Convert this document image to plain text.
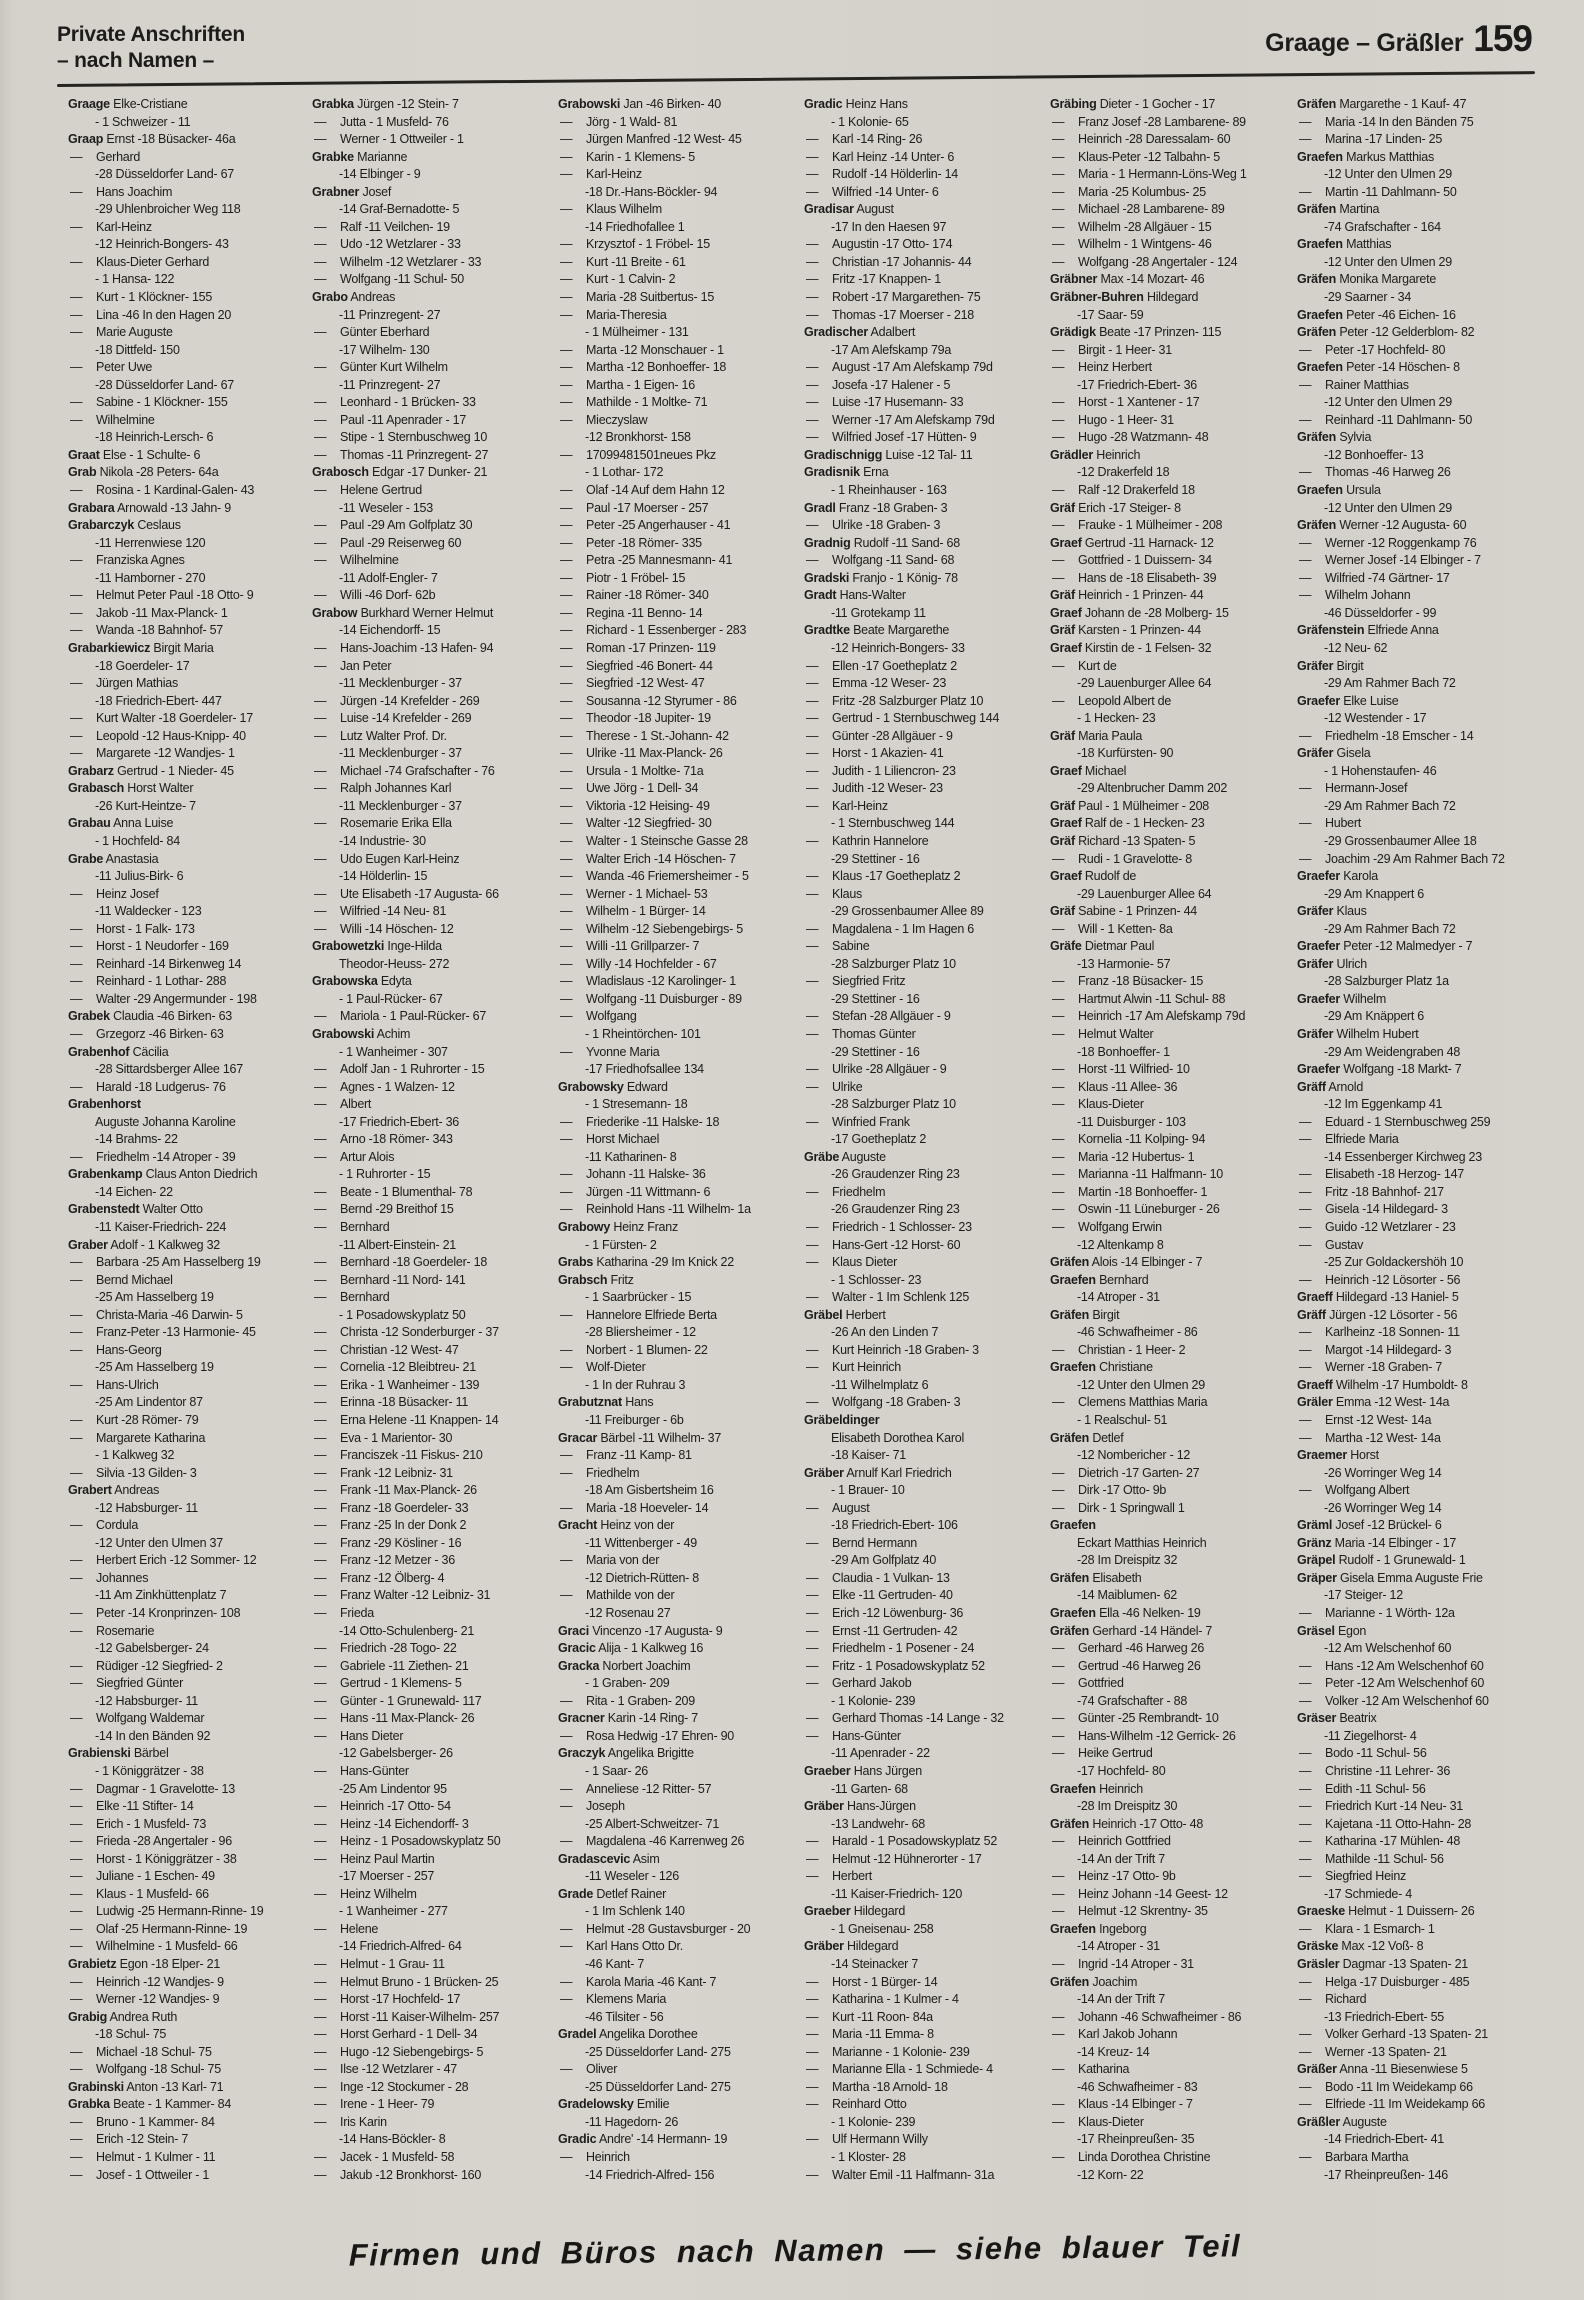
Private Anschriften
– nach Namen –
Graage – Gräßler 159
Graage Elke-Cristiane
- 1 Schweizer - 11
Graap Ernst -18 Büsacker- 46a
— Gerhard
-28 Düsseldorfer Land- 67
— Hans Joachim
-29 Uhlenbroicher Weg 118
— Karl-Heinz
-12 Heinrich-Bongers- 43
— Klaus-Dieter Gerhard
- 1 Hansa- 122
— Kurt - 1 Klöckner- 155
— Lina -46 In den Hagen 20
— Marie Auguste
-18 Dittfeld- 150
— Peter Uwe
-28 Düsseldorfer Land- 67
— Sabine - 1 Klöckner- 155
— Wilhelmine
-18 Heinrich-Lersch- 6
Graat Else - 1 Schulte- 6
Grab Nikola -28 Peters- 64a
— Rosina - 1 Kardinal-Galen- 43
Grabara Arnowald -13 Jahn- 9
Grabarczyk Ceslaus
-11 Herrenwiese 120
— Franziska Agnes
-11 Hamborner - 270
— Helmut Peter Paul -18 Otto- 9
— Jakob -11 Max-Planck- 1
— Wanda -18 Bahnhof- 57
Grabarkiewicz Birgit Maria
-18 Goerdeler- 17
— Jürgen Mathias
-18 Friedrich-Ebert- 447
— Kurt Walter -18 Goerdeler- 17
— Leopold -12 Haus-Knipp- 40
— Margarete -12 Wandjes- 1
Grabarz Gertrud - 1 Nieder- 45
Grabasch Horst Walter
-26 Kurt-Heintze- 7
Grabau Anna Luise
- 1 Hochfeld- 84
Grabe Anastasia
-11 Julius-Birk- 6
— Heinz Josef
-11 Waldecker - 123
— Horst - 1 Falk- 173
— Horst - 1 Neudorfer - 169
— Reinhard -14 Birkenweg 14
— Reinhard - 1 Lothar- 288
— Walter -29 Angermunder - 198
Grabek Claudia -46 Birken- 63
— Grzegorz -46 Birken- 63
Grabenhof Cäcilia
-28 Sittardsberger Allee 167
— Harald -18 Ludgerus- 76
Grabenhorst
Auguste Johanna Karoline
-14 Brahms- 22
— Friedhelm -14 Atroper - 39
Grabenkamp Claus Anton Diedrich
-14 Eichen- 22
Grabenstedt Walter Otto
-11 Kaiser-Friedrich- 224
Graber Adolf - 1 Kalkweg 32
— Barbara -25 Am Hasselberg 19
— Bernd Michael
-25 Am Hasselberg 19
— Christa-Maria -46 Darwin- 5
— Franz-Peter -13 Harmonie- 45
— Hans-Georg
-25 Am Hasselberg 19
— Hans-Ulrich
-25 Am Lindentor 87
— Kurt -28 Römer- 79
— Margarete Katharina
- 1 Kalkweg 32
— Silvia -13 Gilden- 3
Grabert Andreas
-12 Habsburger- 11
— Cordula
-12 Unter den Ulmen 37
— Herbert Erich -12 Sommer- 12
— Johannes
-11 Am Zinkhüttenplatz 7
— Peter -14 Kronprinzen- 108
— Rosemarie
-12 Gabelsberger- 24
— Rüdiger -12 Siegfried- 2
— Siegfried Günter
-12 Habsburger- 11
— Wolfgang Waldemar
-14 In den Bänden 92
Grabienski Bärbel
- 1 Königgrätzer - 38
— Dagmar - 1 Gravelotte- 13
— Elke -11 Stifter- 14
— Erich - 1 Musfeld- 73
— Frieda -28 Angertaler - 96
— Horst - 1 Königgrätzer - 38
— Juliane - 1 Eschen- 49
— Klaus - 1 Musfeld- 66
— Ludwig -25 Hermann-Rinne- 19
— Olaf -25 Hermann-Rinne- 19
— Wilhelmine - 1 Musfeld- 66
Grabietz Egon -18 Elper- 21
— Heinrich -12 Wandjes- 9
— Werner -12 Wandjes- 9
Grabig Andrea Ruth
-18 Schul- 75
— Michael -18 Schul- 75
— Wolfgang -18 Schul- 75
Grabinski Anton -13 Karl- 71
Grabka Beate - 1 Kammer- 84
— Bruno - 1 Kammer- 84
— Erich -12 Stein- 7
— Helmut - 1 Kulmer - 11
— Josef - 1 Ottweiler - 1
Grabka Jürgen -12 Stein- 7
— Jutta - 1 Musfeld- 76
— Werner - 1 Ottweiler - 1
Grabke Marianne
-14 Elbinger - 9
Grabner Josef
-14 Graf-Bernadotte- 5
— Ralf -11 Veilchen- 19
— Udo -12 Wetzlarer - 33
— Wilhelm -12 Wetzlarer - 33
— Wolfgang -11 Schul- 50
Grabo Andreas
-11 Prinzregent- 27
— Günter Eberhard
-17 Wilhelm- 130
— Günter Kurt Wilhelm
-11 Prinzregent- 27
— Leonhard - 1 Brücken- 33
— Paul -11 Apenrader - 17
— Stipe - 1 Sternbuschweg 10
— Thomas -11 Prinzregent- 27
Grabosch Edgar -17 Dunker- 21
— Helene Gertrud
-11 Weseler - 153
— Paul -29 Am Golfplatz 30
— Paul -29 Reiserweg 60
— Wilhelmine
-11 Adolf-Engler- 7
— Willi -46 Dorf- 62b
Grabow Burkhard Werner Helmut
-14 Eichendorff- 15
— Hans-Joachim -13 Hafen- 94
— Jan Peter
-11 Mecklenburger - 37
— Jürgen -14 Krefelder - 269
— Luise -14 Krefelder - 269
— Lutz Walter Prof. Dr.
-11 Mecklenburger - 37
— Michael -74 Grafschafter - 76
— Ralph Johannes Karl
-11 Mecklenburger - 37
— Rosemarie Erika Ella
-14 Industrie- 30
— Udo Eugen Karl-Heinz
-14 Hölderlin- 15
— Ute Elisabeth -17 Augusta- 66
— Wilfried -14 Neu- 81
— Willi -14 Höschen- 12
Grabowetzki Inge-Hilda
Theodor-Heuss- 272
Grabowska Edyta
- 1 Paul-Rücker- 67
— Mariola - 1 Paul-Rücker- 67
Grabowski Achim
- 1 Wanheimer - 307
— Adolf Jan - 1 Ruhrorter - 15
— Agnes - 1 Walzen- 12
— Albert
-17 Friedrich-Ebert- 36
— Arno -18 Römer- 343
— Artur Alois
- 1 Ruhrorter - 15
— Beate - 1 Blumenthal- 78
— Bernd -29 Breithof 15
— Bernhard
-11 Albert-Einstein- 21
— Bernhard -18 Goerdeler- 18
— Bernhard -11 Nord- 141
— Bernhard
- 1 Posadowskyplatz 50
— Christa -12 Sonderburger - 37
— Christian -12 West- 47
— Cornelia -12 Bleibtreu- 21
— Erika - 1 Wanheimer - 139
— Erinna -18 Büsacker- 11
— Erna Helene -11 Knappen- 14
— Eva - 1 Marientor- 30
— Franciszek -11 Fiskus- 210
— Frank -12 Leibniz- 31
— Frank -11 Max-Planck- 26
— Franz -18 Goerdeler- 33
— Franz -25 In der Donk 2
— Franz -29 Kösliner - 16
— Franz -12 Metzer - 36
— Franz -12 Ölberg- 4
— Franz Walter -12 Leibniz- 31
— Frieda
-14 Otto-Schulenberg- 21
— Friedrich -28 Togo- 22
— Gabriele -11 Ziethen- 21
— Gertrud - 1 Klemens- 5
— Günter - 1 Grunewald- 117
— Hans -11 Max-Planck- 26
— Hans Dieter
-12 Gabelsberger- 26
— Hans-Günter
-25 Am Lindentor 95
— Heinrich -17 Otto- 54
— Heinz -14 Eichendorff- 3
— Heinz - 1 Posadowskyplatz 50
— Heinz Paul Martin
-17 Moerser - 257
— Heinz Wilhelm
- 1 Wanheimer - 277
— Helene
-14 Friedrich-Alfred- 64
— Helmut - 1 Grau- 11
— Helmut Bruno - 1 Brücken- 25
— Horst -17 Hochfeld- 17
— Horst -11 Kaiser-Wilhelm- 257
— Horst Gerhard - 1 Dell- 34
— Hugo -12 Siebengebirgs- 5
— Ilse -12 Wetzlarer - 47
— Inge -12 Stockumer - 28
— Irene - 1 Heer- 79
— Iris Karin
-14 Hans-Böckler- 8
— Jacek - 1 Musfeld- 58
— Jakub -12 Bronkhorst- 160
Grabowski Jan -46 Birken- 40
— Jörg - 1 Wald- 81
— Jürgen Manfred -12 West- 45
— Karin - 1 Klemens- 5
— Karl-Heinz
-18 Dr.-Hans-Böckler- 94
— Klaus Wilhelm
-14 Friedhofallee 1
— Krzysztof - 1 Fröbel- 15
— Kurt -11 Breite - 61
— Kurt - 1 Calvin- 2
— Maria -28 Suitbertus- 15
— Maria-Theresia
- 1 Mülheimer - 131
— Marta -12 Monschauer - 1
— Martha -12 Bonhoeffer- 18
— Martha - 1 Eigen- 16
— Mathilde - 1 Moltke- 71
— Mieczyslaw
-12 Bronkhorst- 158
— 17099481501neues Pkz
- 1 Lothar- 172
— Olaf -14 Auf dem Hahn 12
— Paul -17 Moerser - 257
— Peter -25 Angerhauser - 41
— Peter -18 Römer- 335
— Petra -25 Mannesmann- 41
— Piotr - 1 Fröbel- 15
— Rainer -18 Römer- 340
— Regina -11 Benno- 14
— Richard - 1 Essenberger - 283
— Roman -17 Prinzen- 119
— Siegfried -46 Bonert- 44
— Siegfried -12 West- 47
— Sousanna -12 Styrumer - 86
— Theodor -18 Jupiter- 19
— Therese - 1 St.-Johann- 42
— Ulrike -11 Max-Planck- 26
— Ursula - 1 Moltke- 71a
— Uwe Jörg - 1 Dell- 34
— Viktoria -12 Heising- 49
— Walter -12 Siegfried- 30
— Walter - 1 Steinsche Gasse 28
— Walter Erich -14 Höschen- 7
— Wanda -46 Friemersheimer - 5
— Werner - 1 Michael- 53
— Wilhelm - 1 Bürger- 14
— Wilhelm -12 Siebengebirgs- 5
— Willi -11 Grillparzer- 7
— Willy -14 Hochfelder - 67
— Wladislaus -12 Karolinger- 1
— Wolfgang -11 Duisburger - 89
— Wolfgang
- 1 Rheintörchen- 101
— Yvonne Maria
-17 Friedhofsallee 134
Grabowsky Edward
- 1 Stresemann- 18
— Friederike -11 Halske- 18
— Horst Michael
-11 Katharinen- 8
— Johann -11 Halske- 36
— Jürgen -11 Wittmann- 6
— Reinhold Hans -11 Wilhelm- 1a
Grabowy Heinz Franz
- 1 Fürsten- 2
Grabs Katharina -29 Im Knick 22
Grabsch Fritz
- 1 Saarbrücker - 15
— Hannelore Elfriede Berta
-28 Bliersheimer - 12
— Norbert - 1 Blumen- 22
— Wolf-Dieter
- 1 In der Ruhrau 3
Grabutznat Hans
-11 Freiburger - 6b
Gracar Bärbel -11 Wilhelm- 37
— Franz -11 Kamp- 81
— Friedhelm
-18 Am Gisbertsheim 16
— Maria -18 Hoeveler- 14
Gracht Heinz von der
-11 Wittenberger - 49
— Maria von der
-12 Dietrich-Rütten- 8
— Mathilde von der
-12 Rosenau 27
Graci Vincenzo -17 Augusta- 9
Gracic Alija - 1 Kalkweg 16
Gracka Norbert Joachim
- 1 Graben- 209
— Rita - 1 Graben- 209
Gracner Karin -14 Ring- 7
— Rosa Hedwig -17 Ehren- 90
Graczyk Angelika Brigitte
- 1 Saar- 26
— Anneliese -12 Ritter- 57
— Joseph
-25 Albert-Schweitzer- 71
— Magdalena -46 Karrenweg 26
Gradascevic Asim
-11 Weseler - 126
Grade Detlef Rainer
- 1 Im Schlenk 140
— Helmut -28 Gustavsburger - 20
— Karl Hans Otto Dr.
-46 Kant- 7
— Karola Maria -46 Kant- 7
— Klemens Maria
-46 Tilsiter - 56
Gradel Angelika Dorothee
-25 Düsseldorfer Land- 275
— Oliver
-25 Düsseldorfer Land- 275
Gradelowsky Emilie
-11 Hagedorn- 26
Gradic Andre' -14 Hermann- 19
— Heinrich
-14 Friedrich-Alfred- 156
Gradic Heinz Hans
- 1 Kolonie- 65
— Karl -14 Ring- 26
— Karl Heinz -14 Unter- 6
— Rudolf -14 Hölderlin- 14
— Wilfried -14 Unter- 6
Gradisar August
-17 In den Haesen 97
— Augustin -17 Otto- 174
— Christian -17 Johannis- 44
— Fritz -17 Knappen- 1
— Robert -17 Margarethen- 75
— Thomas -17 Moerser - 218
Gradischer Adalbert
-17 Am Alefskamp 79a
— August -17 Am Alefskamp 79d
— Josefa -17 Halener - 5
— Luise -17 Husemann- 33
— Werner -17 Am Alefskamp 79d
— Wilfried Josef -17 Hütten- 9
Gradischnigg Luise -12 Tal- 11
Gradisnik Erna
- 1 Rheinhauser - 163
Gradl Franz -18 Graben- 3
— Ulrike -18 Graben- 3
Gradnig Rudolf -11 Sand- 68
— Wolfgang -11 Sand- 68
Gradski Franjo - 1 König- 78
Gradt Hans-Walter
-11 Grotekamp 11
Gradtke Beate Margarethe
-12 Heinrich-Bongers- 33
— Ellen -17 Goetheplatz 2
— Emma -12 Weser- 23
— Fritz -28 Salzburger Platz 10
— Gertrud - 1 Sternbuschweg 144
— Günter -28 Allgäuer - 9
— Horst - 1 Akazien- 41
— Judith - 1 Liliencron- 23
— Judith -12 Weser- 23
— Karl-Heinz
- 1 Sternbuschweg 144
— Kathrin Hannelore
-29 Stettiner - 16
— Klaus -17 Goetheplatz 2
— Klaus
-29 Grossenbaumer Allee 89
— Magdalena - 1 Im Hagen 6
— Sabine
-28 Salzburger Platz 10
— Siegfried Fritz
-29 Stettiner - 16
— Stefan -28 Allgäuer - 9
— Thomas Günter
-29 Stettiner - 16
— Ulrike -28 Allgäuer - 9
— Ulrike
-28 Salzburger Platz 10
— Winfried Frank
-17 Goetheplatz 2
Gräbe Auguste
-26 Graudenzer Ring 23
— Friedhelm
-26 Graudenzer Ring 23
— Friedrich - 1 Schlosser- 23
— Hans-Gert -12 Horst- 60
— Klaus Dieter
- 1 Schlosser- 23
— Walter - 1 Im Schlenk 125
Gräbel Herbert
-26 An den Linden 7
— Kurt Heinrich -18 Graben- 3
— Kurt Heinrich
-11 Wilhelmplatz 6
— Wolfgang -18 Graben- 3
Gräbeldinger
Elisabeth Dorothea Karol
-18 Kaiser- 71
Gräber Arnulf Karl Friedrich
- 1 Brauer- 10
— August
-18 Friedrich-Ebert- 106
— Bernd Hermann
-29 Am Golfplatz 40
— Claudia - 1 Vulkan- 13
— Elke -11 Gertruden- 40
— Erich -12 Löwenburg- 36
— Ernst -11 Gertruden- 42
— Friedhelm - 1 Posener - 24
— Fritz - 1 Posadowskyplatz 52
— Gerhard Jakob
- 1 Kolonie- 239
— Gerhard Thomas -14 Lange - 32
— Hans-Günter
-11 Apenrader - 22
Graeber Hans Jürgen
-11 Garten- 68
Gräber Hans-Jürgen
-13 Landwehr- 68
— Harald - 1 Posadowskyplatz 52
— Helmut -12 Hühnerorter - 17
— Herbert
-11 Kaiser-Friedrich- 120
Graeber Hildegard
- 1 Gneisenau- 258
Gräber Hildegard
-14 Steinacker 7
— Horst - 1 Bürger- 14
— Katharina - 1 Kulmer - 4
— Kurt -11 Roon- 84a
— Maria -11 Emma- 8
— Marianne - 1 Kolonie- 239
— Marianne Ella - 1 Schmiede- 4
— Martha -18 Arnold- 18
— Reinhard Otto
- 1 Kolonie- 239
— Ulf Hermann Willy
- 1 Kloster- 28
— Walter Emil -11 Halfmann- 31a
Gräbing Dieter - 1 Gocher - 17
— Franz Josef -28 Lambarene- 89
— Heinrich -28 Daressalam- 60
— Klaus-Peter -12 Talbahn- 5
— Maria - 1 Hermann-Löns-Weg 1
— Maria -25 Kolumbus- 25
— Michael -28 Lambarene- 89
— Wilhelm -28 Allgäuer - 15
— Wilhelm - 1 Wintgens- 46
— Wolfgang -28 Angertaler - 124
Gräbner Max -14 Mozart- 46
Gräbner-Buhren Hildegard
-17 Saar- 59
Grädigk Beate -17 Prinzen- 115
— Birgit - 1 Heer- 31
— Heinz Herbert
-17 Friedrich-Ebert- 36
— Horst - 1 Xantener - 17
— Hugo - 1 Heer- 31
— Hugo -28 Watzmann- 48
Grädler Heinrich
-12 Drakerfeld 18
— Ralf -12 Drakerfeld 18
Gräf Erich -17 Steiger- 8
— Frauke - 1 Mülheimer - 208
Graef Gertrud -11 Harnack- 12
— Gottfried - 1 Duissern- 34
— Hans de -18 Elisabeth- 39
Gräf Heinrich - 1 Prinzen- 44
Graef Johann de -28 Molberg- 15
Gräf Karsten - 1 Prinzen- 44
Graef Kirstin de - 1 Felsen- 32
— Kurt de
-29 Lauenburger Allee 64
— Leopold Albert de
- 1 Hecken- 23
Gräf Maria Paula
-18 Kurfürsten- 90
Graef Michael
-29 Altenbrucher Damm 202
Gräf Paul - 1 Mülheimer - 208
Graef Ralf de - 1 Hecken- 23
Gräf Richard -13 Spaten- 5
— Rudi - 1 Gravelotte- 8
Graef Rudolf de
-29 Lauenburger Allee 64
Gräf Sabine - 1 Prinzen- 44
— Will - 1 Ketten- 8a
Gräfe Dietmar Paul
-13 Harmonie- 57
— Franz -18 Büsacker- 15
— Hartmut Alwin -11 Schul- 88
— Heinrich -17 Am Alefskamp 79d
— Helmut Walter
-18 Bonhoeffer- 1
— Horst -11 Wilfried- 10
— Klaus -11 Allee- 36
— Klaus-Dieter
-11 Duisburger - 103
— Kornelia -11 Kolping- 94
— Maria -12 Hubertus- 1
— Marianna -11 Halfmann- 10
— Martin -18 Bonhoeffer- 1
— Oswin -11 Lüneburger - 26
— Wolfgang Erwin
-12 Altenkamp 8
Gräfen Alois -14 Elbinger - 7
Graefen Bernhard
-14 Atroper - 31
Gräfen Birgit
-46 Schwafheimer - 86
— Christian - 1 Heer- 2
Graefen Christiane
-12 Unter den Ulmen 29
— Clemens Matthias Maria
- 1 Realschul- 51
Gräfen Detlef
-12 Nombericher - 12
— Dietrich -17 Garten- 27
— Dirk -17 Otto- 9b
— Dirk - 1 Springwall 1
Graefen
Eckart Matthias Heinrich
-28 Im Dreispitz 32
Gräfen Elisabeth
-14 Maiblumen- 62
Graefen Ella -46 Nelken- 19
Gräfen Gerhard -14 Händel- 7
— Gerhard -46 Harweg 26
— Gertrud -46 Harweg 26
— Gottfried
-74 Grafschafter - 88
— Günter -25 Rembrandt- 10
— Hans-Wilhelm -12 Gerrick- 26
— Heike Gertrud
-17 Hochfeld- 80
Graefen Heinrich
-28 Im Dreispitz 30
Gräfen Heinrich -17 Otto- 48
— Heinrich Gottfried
-14 An der Trift 7
— Heinz -17 Otto- 9b
— Heinz Johann -14 Geest- 12
— Helmut -12 Skrentny- 35
Graefen Ingeborg
-14 Atroper - 31
— Ingrid -14 Atroper - 31
Gräfen Joachim
-14 An der Trift 7
— Johann -46 Schwafheimer - 86
— Karl Jakob Johann
-14 Kreuz- 14
— Katharina
-46 Schwafheimer - 83
— Klaus -14 Elbinger - 7
— Klaus-Dieter
-17 Rheinpreußen- 35
— Linda Dorothea Christine
-12 Korn- 22
Gräfen Margarethe - 1 Kauf- 47
— Maria -14 In den Bänden 75
— Marina -17 Linden- 25
Graefen Markus Matthias
-12 Unter den Ulmen 29
— Martin -11 Dahlmann- 50
Gräfen Martina
-74 Grafschafter - 164
Graefen Matthias
-12 Unter den Ulmen 29
Gräfen Monika Margarete
-29 Saarner - 34
Graefen Peter -46 Eichen- 16
Gräfen Peter -12 Gelderblom- 82
— Peter -17 Hochfeld- 80
Graefen Peter -14 Höschen- 8
— Rainer Matthias
-12 Unter den Ulmen 29
— Reinhard -11 Dahlmann- 50
Gräfen Sylvia
-12 Bonhoeffer- 13
— Thomas -46 Harweg 26
Graefen Ursula
-12 Unter den Ulmen 29
Gräfen Werner -12 Augusta- 60
— Werner -12 Roggenkamp 76
— Werner Josef -14 Elbinger - 7
— Wilfried -74 Gärtner- 17
— Wilhelm Johann
-46 Düsseldorfer - 99
Gräfenstein Elfriede Anna
-12 Neu- 62
Gräfer Birgit
-29 Am Rahmer Bach 72
Graefer Elke Luise
-12 Westender - 17
— Friedhelm -18 Emscher - 14
Gräfer Gisela
- 1 Hohenstaufen- 46
— Hermann-Josef
-29 Am Rahmer Bach 72
— Hubert
-29 Grossenbaumer Allee 18
— Joachim -29 Am Rahmer Bach 72
Graefer Karola
-29 Am Knappert 6
Gräfer Klaus
-29 Am Rahmer Bach 72
Graefer Peter -12 Malmedyer - 7
Gräfer Ulrich
-28 Salzburger Platz 1a
Graefer Wilhelm
-29 Am Knäppert 6
Gräfer Wilhelm Hubert
-29 Am Weidengraben 48
Graefer Wolfgang -18 Markt- 7
Gräff Arnold
-12 Im Eggenkamp 41
— Eduard - 1 Sternbuschweg 259
— Elfriede Maria
-14 Essenberger Kirchweg 23
— Elisabeth -18 Herzog- 147
— Fritz -18 Bahnhof- 217
— Gisela -14 Hildegard- 3
— Guido -12 Wetzlarer - 23
— Gustav
-25 Zur Goldackershöh 10
— Heinrich -12 Lösorter - 56
Graeff Hildegard -13 Haniel- 5
Gräff Jürgen -12 Lösorter - 56
— Karlheinz -18 Sonnen- 11
— Margot -14 Hildegard- 3
— Werner -18 Graben- 7
Graeff Wilhelm -17 Humboldt- 8
Gräler Emma -12 West- 14a
— Ernst -12 West- 14a
— Martha -12 West- 14a
Graemer Horst
-26 Worringer Weg 14
— Wolfgang Albert
-26 Worringer Weg 14
Gräml Josef -12 Brückel- 6
Gränz Maria -14 Elbinger - 17
Gräpel Rudolf - 1 Grunewald- 1
Gräper Gisela Emma Auguste Frie
-17 Steiger- 12
— Marianne - 1 Wörth- 12a
Gräsel Egon
-12 Am Welschenhof 60
— Hans -12 Am Welschenhof 60
— Peter -12 Am Welschenhof 60
— Volker -12 Am Welschenhof 60
Gräser Beatrix
-11 Ziegelhorst- 4
— Bodo -11 Schul- 56
— Christine -11 Lehrer- 36
— Edith -11 Schul- 56
— Friedrich Kurt -14 Neu- 31
— Kajetana -11 Otto-Hahn- 28
— Katharina -17 Mühlen- 48
— Mathilde -11 Schul- 56
— Siegfried Heinz
-17 Schmiede- 4
Graeske Helmut - 1 Duissern- 26
— Klara - 1 Esmarch- 1
Gräske Max -12 Voß- 8
Gräsler Dagmar -13 Spaten- 21
— Helga -17 Duisburger - 485
— Richard
-13 Friedrich-Ebert- 55
— Volker Gerhard -13 Spaten- 21
— Werner -13 Spaten- 21
Gräßer Anna -11 Biesenwiese 5
— Bodo -11 Im Weidekamp 66
— Elfriede -11 Im Weidekamp 66
Gräßler Auguste
-14 Friedrich-Ebert- 41
— Barbara Martha
-17 Rheinpreußen- 146
Firmen und Büros nach Namen — siehe blauer Teil
